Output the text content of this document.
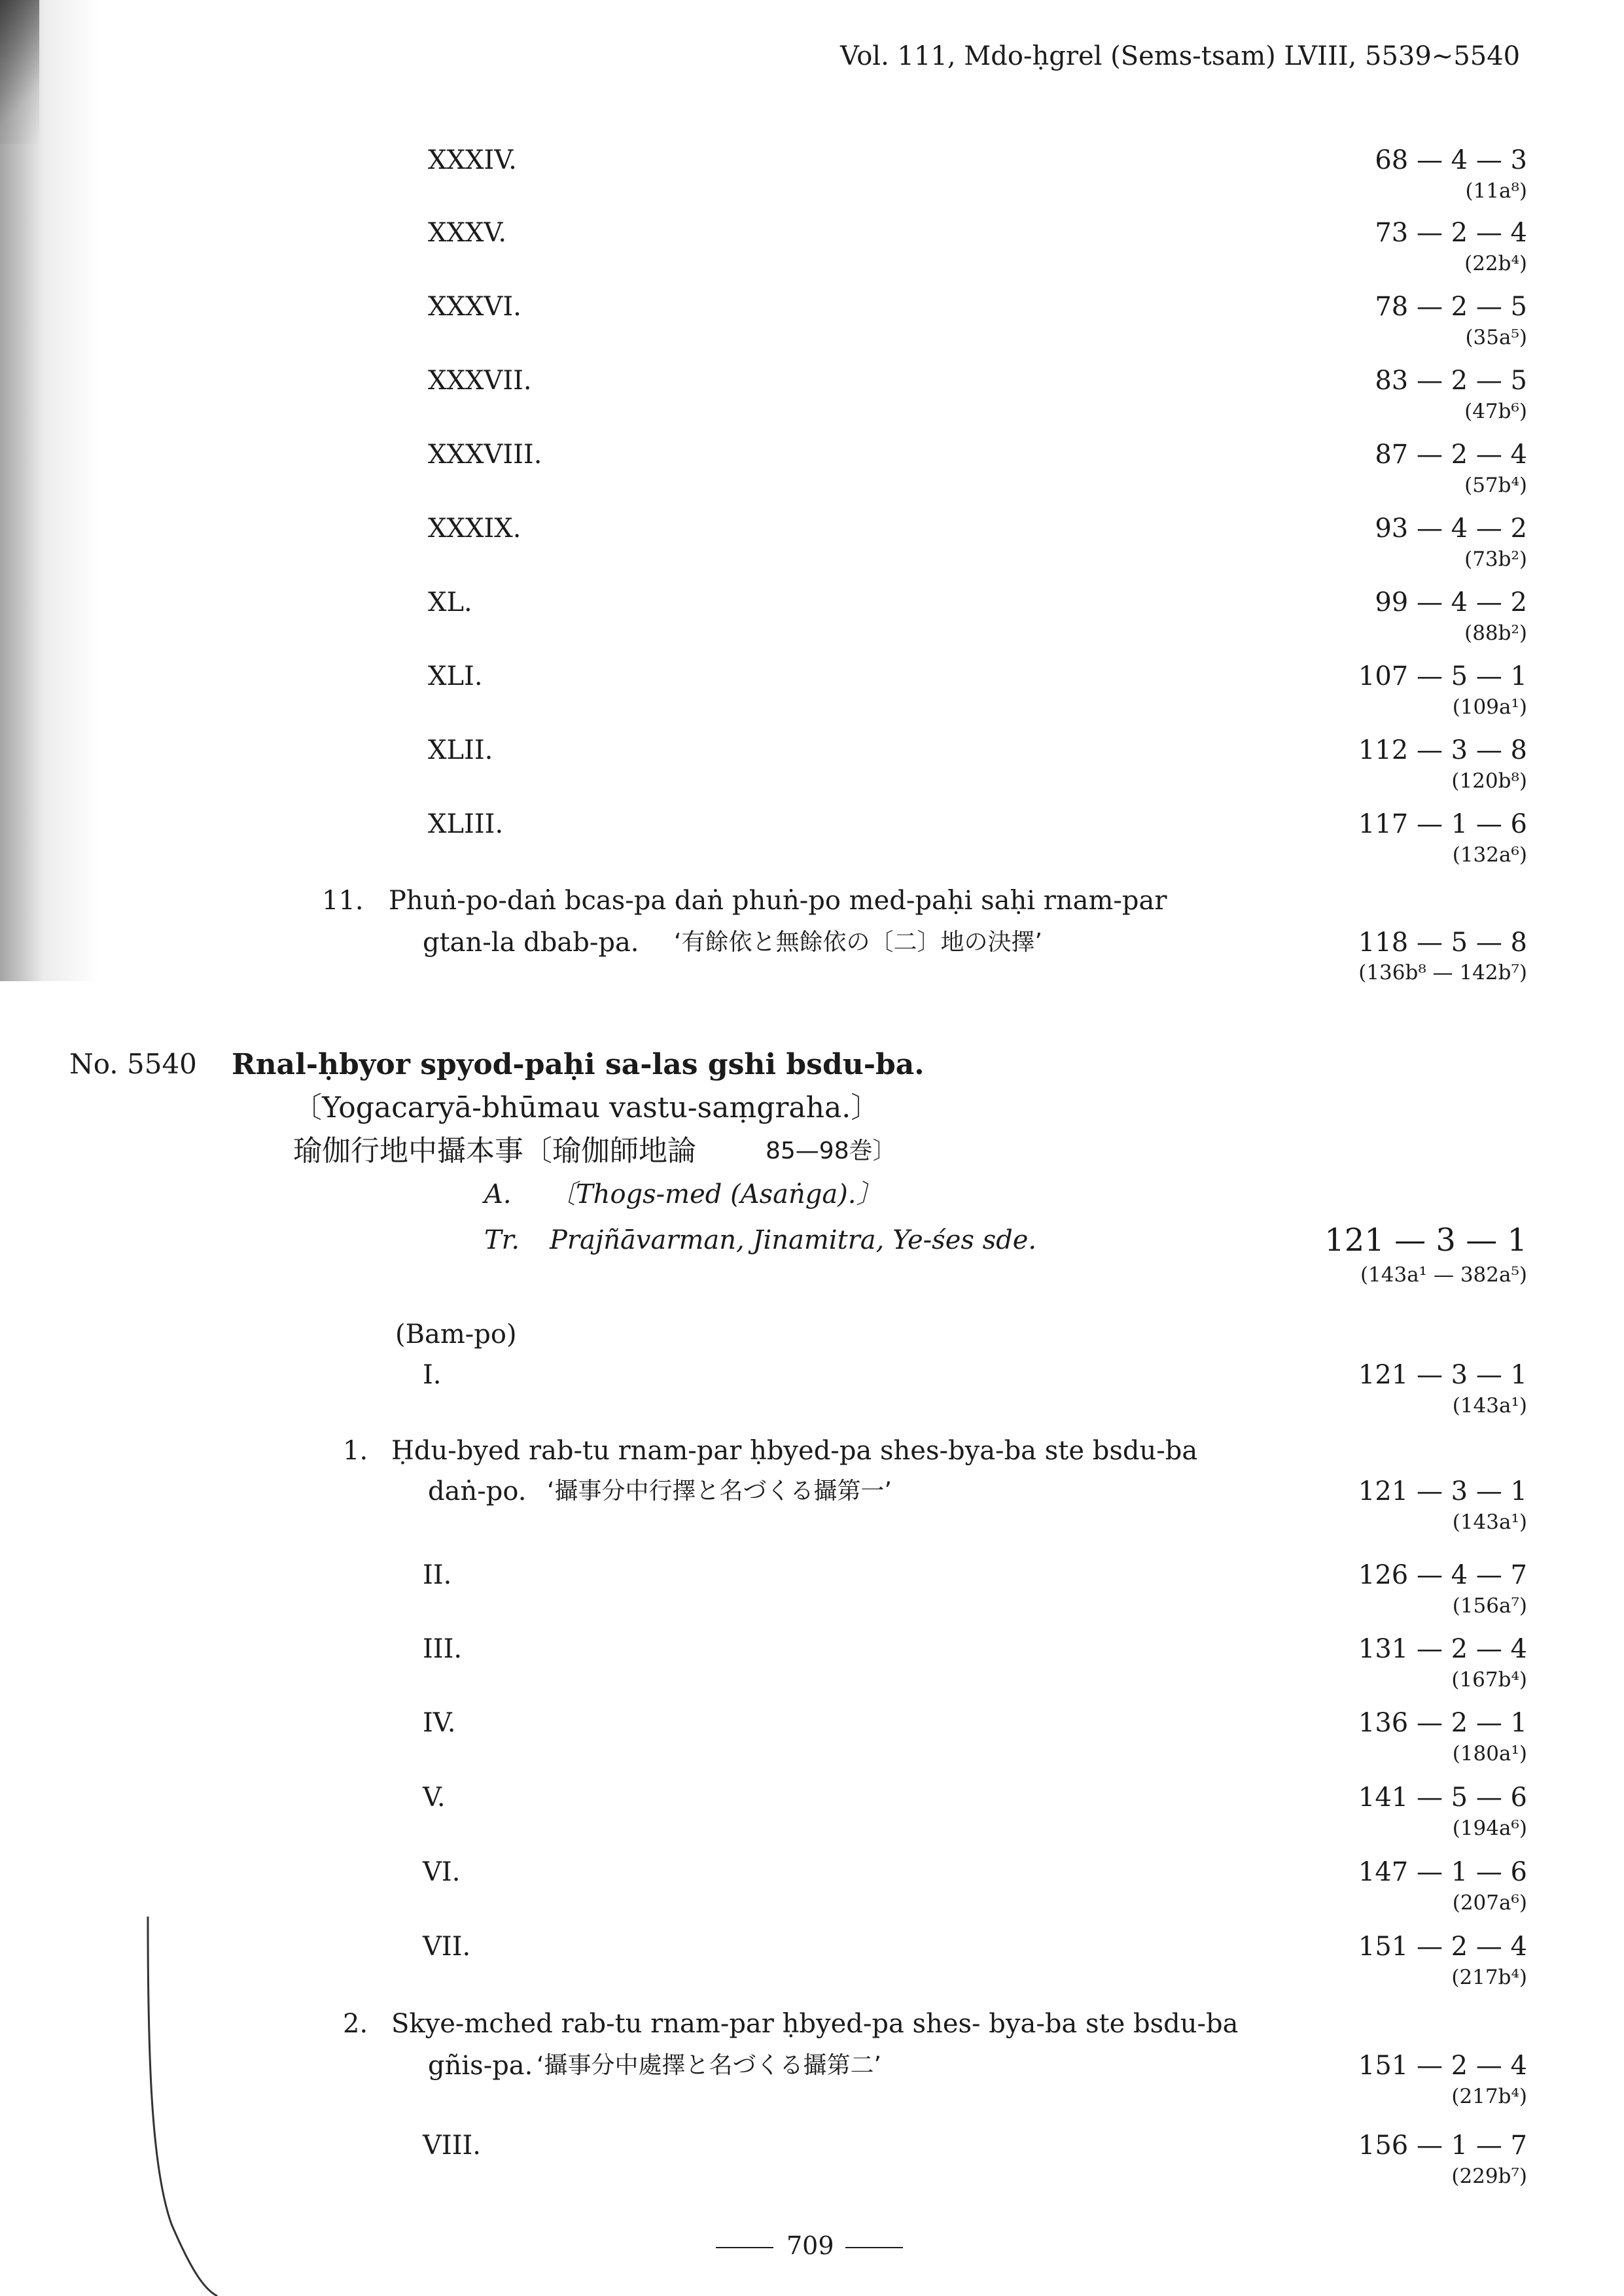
Vol. 111, Mdo-ḥgrel (Sems-tsam) LVIII, 5539∼5540
XXXIV.	68 — 4 — 3
(11a⁸)
XXXV.	73 — 2 — 4
(22b⁴)
XXXVI.	78 — 2 — 5
(35a⁵)
XXXVII.	83 — 2 — 5
(47b⁶)
XXXVIII.	87 — 2 — 4
(57b⁴)
XXXIX.	93 — 4 — 2
(73b²)
XL.	99 — 4 — 2
(88b²)
XLI.	107 — 5 — 1
(109a¹)
XLII.	112 — 3 — 8
(120b⁸)
XLIII.	117 — 1 — 6
(132a⁶)
11. Phuṅ-po-daṅ bcas-pa daṅ phuṅ-po med-paḥi saḥi rnam-par
gtan-la dbab-pa. ‘有餘依と無餘依の〔二〕地の決擇’	118 — 5 — 8
(136b⁸ — 142b⁷)
No. 5540 Rnal-ḥbyor spyod-paḥi sa-las gshi bsdu-ba.
〔Yogacaryā-bhūmau vastu-saṃgraha.〕
瑜伽行地中攝本事〔瑜伽師地論	85—98巻〕
A. 〔Thogs-med (Asaṅga).〕
Tr. Prajñāvarman, Jinamitra, Ye-śes sde.	121 — 3 — 1
(143a¹ — 382a⁵)
(Bam-po)
I.	121 — 3 — 1
(143a¹)
1. Ḥdu-byed rab-tu rnam-par ḥbyed-pa shes-bya-ba ste bsdu-ba
daṅ-po. ‘攝事分中行擇と名づくる攝第一’	121 — 3 — 1
(143a¹)
II.	126 — 4 — 7
(156a⁷)
III.	131 — 2 — 4
(167b⁴)
IV.	136 — 2 — 1
(180a¹)
V.	141 — 5 — 6
(194a⁶)
VI.	147 — 1 — 6
(207a⁶)
VII.	151 — 2 — 4
(217b⁴)
2. Skye-mched rab-tu rnam-par ḥbyed-pa shes- bya-ba ste bsdu-ba
gñis-pa. ‘攝事分中處擇と名づくる攝第二’	151 — 2 — 4
(217b⁴)
VIII.	156 — 1 — 7
(229b⁷)
709
